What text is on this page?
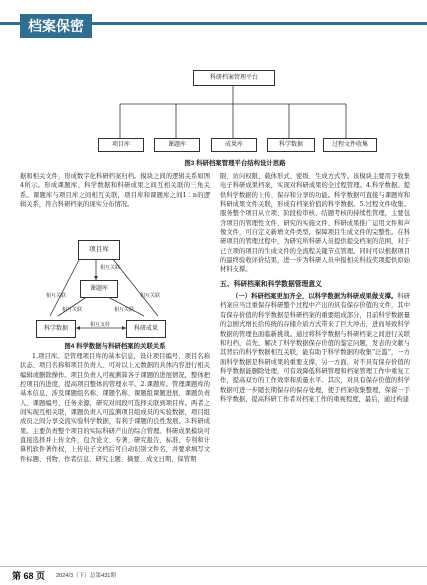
档案保密
科研档案管理平台
项目库	课题库	成果库	科学数据	过程文件收集
图3 科研档案管理平台结构设计思路

据和相关文件，形成数字化科研档案归档。模块之间的逻辑关系如图4所示。形成课题库、科学数据和科研成果之间互相关联的三角关系。课题库与项目库之间相互关联，项目库和课题库之间1∶n的逻辑关系，符合科研档案的现实分布情况。

项目库
课题库
科学数据	科研成果
相互关联
相互关联	相互关联
相互关联	相互关联
相互支持
图4 科学数据与科研档案的关联关系

1.项目库。是管理项目库的基本信息，设计项目编号、项目名称状态、项目名称和项目负责人、可对以上元数据的具体内容进行相关编辑或删除操作。项目负责人可视测算各子课题的进展情况，整体把控项目的进度，提高项目整体的管理水平。2.课题库。管理课题库的基本信息，涉及课题组名称、课题名称、课题组课题进展、课题负责人、课题编号、任务来源，研究对间段可选择关联到项目库。两者之间实现互相关联，课题负责人可监测项目组成员的实验数据，项目组成员之间分享交流实验科学数据，有利于课题的良性发展。3.科研成果。主要负责整个项目的实际科研产出的综合管理。科研成果模块可直接选择并上传文件，包含论文、专著、研究报告、标准、专利和计算机软件著作权，上传电子文档后可自动识别文件名，并要求填写文件标题、刊物、作者信息、研究主题、摘要、成文日期、保管期

限、访问权限、载体形式、密级、生成方式等。该模块主要用于收集电子科研成果档案，实现对科研成果的全过程管理。4.科学数据。提供科学数据的上传、保存和分享的功能。科学数据可直接与课题库和科研成果文件关联，形成有档案价值的科学数据。5.过程文件收集。服务整个项目从立项、阶段检审核、结题考核的持续性管理，主要包含项目的管理性文件、研究的实施文件、科研成果推广运用文件和声像文件，可自定义新增文件类型，保障项目生成文件的完整性。在科研项目的管理过程中，为研究所科研人员提供提交档案的范围，对于已立项的项目的生成文件的全流程关键节点管理。同时可以根据项目的最终验收评价结果，进一步为科研人员申报相关科技奖项提供原始材料支撑。

五、科研档案和科学数据管理意义

（一）科研档案更加齐全，以科学数据为科研成果做支撑。科研档案应当注重保存科研整个过程中产出的具有保存价值的文件，其中有保存价值的科学数据是科研档案的重要组成部分，目前科学数据量的急剧式增长给传统的存储介质方式带来了巨大冲击，进而导致科学数据的管理也面临新挑战。通过将科学数据与科研档案之间进行关联和归档，首先，解决了科学数据保存价值的鉴定问题，发表的文献与其背后的科学数据相互关联，能有助于科学数据的收集“泛滥”，一方面科学数据是科研成果的重要支撑，另一方面，对不具有保存价值的科学数据能删除处理，可有效降低科研管理和档案管理工作中重复工作，提高双方的工作效率和质量水平。其次，对具有保存价值的科学数据可进一步随长期保存的保存处理，使于档案收集整理，保留一手科学数据，提高科研工作者对档案工作的重视程度，最后，通过构建

第 68 页 2024/3（下）总第431期
